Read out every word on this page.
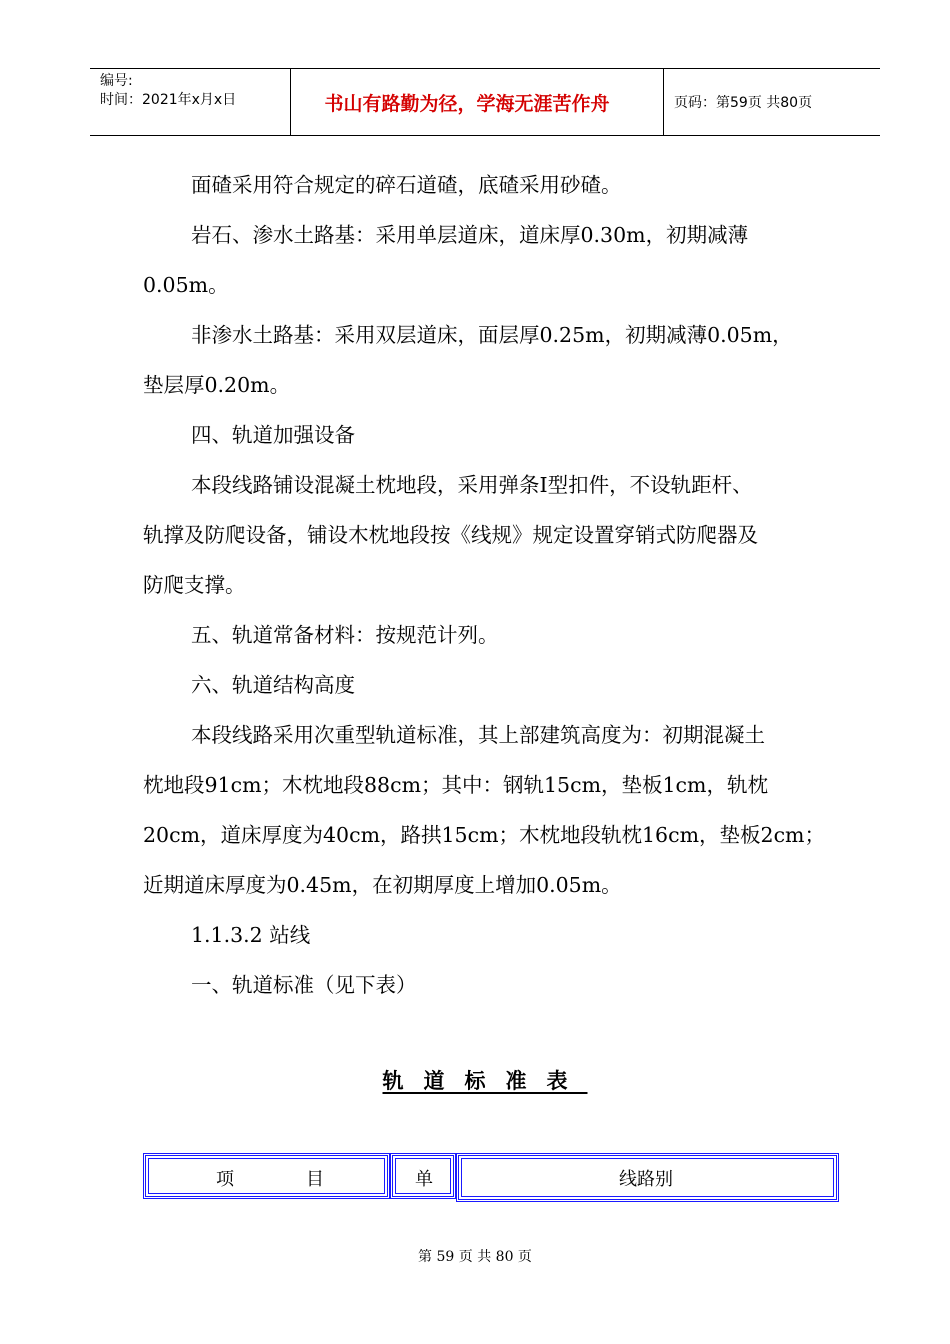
编号:
时间：2021年x月x日	书山有路勤为径，学海无涯苦作舟	页码：第59页 共80页

面碴采用符合规定的碎石道碴，底碴采用砂碴。

岩石、渗水土路基：采用单层道床，道床厚0.30m，初期减薄

0.05m。

非渗水土路基：采用双层道床，面层厚0.25m，初期减薄0.05m，

垫层厚0.20m。

四、轨道加强设备

本段线路铺设混凝土枕地段，采用弹条Ⅰ型扣件，不设轨距杆、

轨撑及防爬设备，铺设木枕地段按《线规》规定设置穿销式防爬器及

防爬支撑。

五、轨道常备材料：按规范计列。

六、轨道结构高度

本段线路采用次重型轨道标准，其上部建筑高度为：初期混凝土

枕地段91cm；木枕地段88cm；其中：钢轨15cm，垫板1cm，轨枕

20cm，道床厚度为40cm，路拱15cm；木枕地段轨枕16cm，垫板2cm；

近期道床厚度为0.45m，在初期厚度上增加0.05m。

1.1.3.2 站线

一、轨道标准（见下表）

轨道标准表
项	目	单	线路别
第 59 页 共 80 页
